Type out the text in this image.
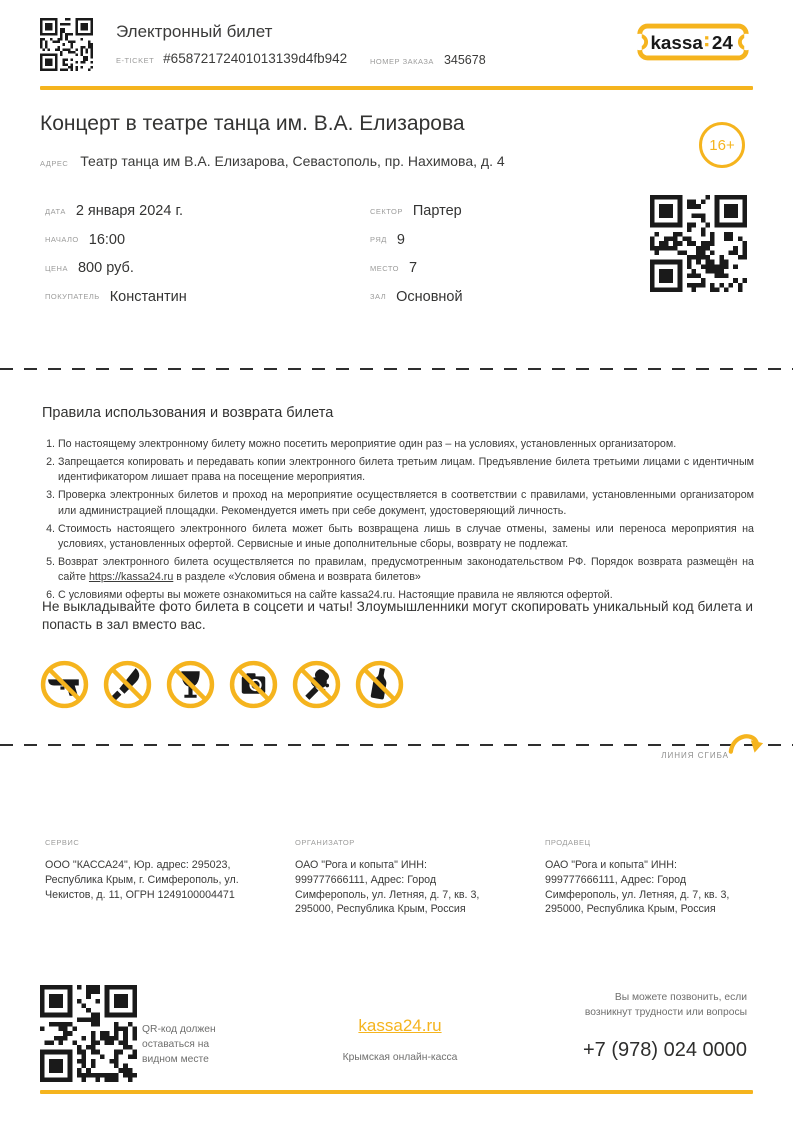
Электронный билет
E-TICKET #65872172401013139d4fb942	НОМЕР ЗАКАЗА 345678
kassa 24
Концерт в театре танца им. В.А. Елизарова
16+
АДРЕС Театр танца им В.А. Елизарова, Севастополь, пр. Нахимова, д. 4
ДАТА 2 января 2024 г.
НАЧАЛО 16:00
ЦЕНА 800 руб.
ПОКУПАТЕЛЬ Константин
СЕКТОР Партер
РЯД 9
МЕСТО 7
ЗАЛ Основной
Правила использования и возврата билета
1. По настоящему электронному билету можно посетить мероприятие один раз – на условиях, установленных организатором.
2. Запрещается копировать и передавать копии электронного билета третьим лицам. Предъявление билета третьими лицами с идентичным идентификатором лишает права на посещение мероприятия.
3. Проверка электронных билетов и проход на мероприятие осуществляется в соответствии с правилами, установленными организатором или администрацией площадки. Рекомендуется иметь при себе документ, удостоверяющий личность.
4. Стоимость настоящего электронного билета может быть возвращена лишь в случае отмены, замены или переноса мероприятия на условиях, установленных офертой. Сервисные и иные дополнительные сборы, возврату не подлежат.
5. Возврат электронного билета осуществляется по правилам, предусмотренным законодательством РФ. Порядок возврата размещён на сайте https://kassa24.ru в разделе «Условия обмена и возврата билетов»
6. С условиями оферты вы можете ознакомиться на сайте kassa24.ru. Настоящие правила не являются офертой.
Не выкладывайте фото билета в соцсети и чаты! Злоумышленники могут скопировать уникальный код билета и попасть в зал вместо вас.
ЛИНИЯ СГИБА
СЕРВИС
ООО "КАССА24", Юр. адрес: 295023, Республика Крым, г. Симферополь, ул. Чекистов, д. 11, ОГРН 1249100004471
ОРГАНИЗАТОР
ОАО "Рога и копыта" ИНН: 999777666111, Адрес: Город Симферополь, ул. Летняя, д. 7, кв. 3, 295000, Республика Крым, Россия
ПРОДАВЕЦ
ОАО "Рога и копыта" ИНН: 999777666111, Адрес: Город Симферополь, ул. Летняя, д. 7, кв. 3, 295000, Республика Крым, Россия
QR-код должен оставаться на видном месте
kassa24.ru
Крымская онлайн-касса
Вы можете позвонить, если возникнут трудности или вопросы
+7 (978) 024 0000
